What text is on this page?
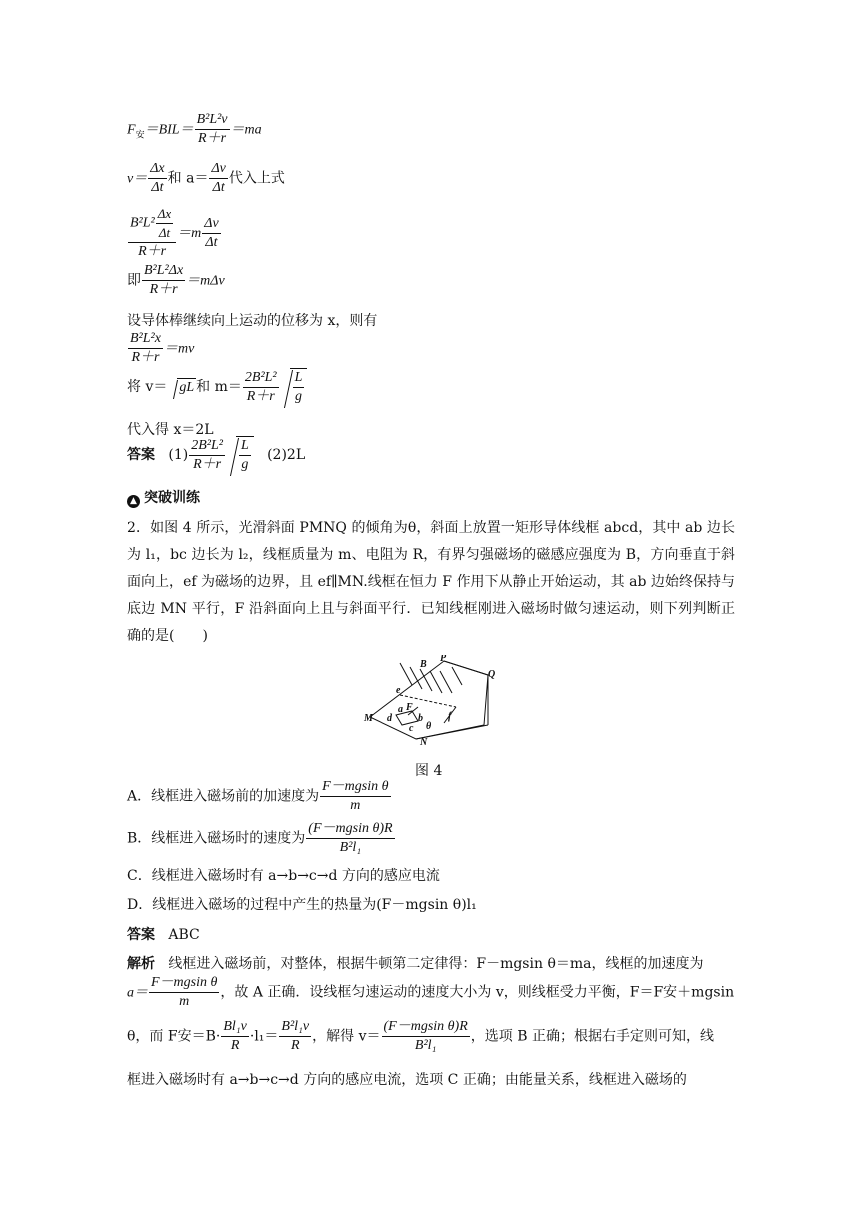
$F_安=BIL= \frac{\text{B²L²v}}{R+r} =ma$
$v= \frac{\Delta x}{\Delta t}$ 和 $a= \frac{\Delta v}{\Delta t}$ 代入上式
$\frac{B^2L^2 \frac{\Delta x}{\Delta t}}{R+r} =m \frac{\Delta v}{\Delta t}$
即 $\frac{\text{B²L²Δx}}{R+r} =m\Delta v$
设导体棒继续向上运动的位移为 x，则有
$\frac{\text{B²L²x}}{R+r} =mv$
将 v＝ gL 和 $m= \frac{\text{2B²L²}}{R+r} \frac{L}{g}$
代入得 x＝2L
答案 $(1) \frac{\text{2B²L²}}{R+r} \frac{L}{g} (2)2L$
▲ 突破训练
2．如图 4 所示，光滑斜面 PMNQ 的倾角为θ，斜面上放置一矩形导体线框 abcd，其中 ab 边长为 l₁，bc 边长为 l₂，线框质量为 m、电阻为 R，有界匀强磁场的磁感应强度为 B，方向垂直于斜面向上，ef 为磁场的边界，且 ef∥MN.线框在恒力 F 作用下从静止开始运动，其 ab 边始终保持与底边 MN 平行，F 沿斜面向上且与斜面平行．已知线框刚进入磁场时做匀速运动，则下列判断正确的是(　　)
B
P
Q
e
M d
a F
b
c
f
θ
N
图 4
A．线框进入磁场前的加速度为 $\frac{\text{F－mgsin θ}}{m}$
B．线框进入磁场时的速度为 $\frac{\text{(F－mgsin θ)R}}{\text{B²l₁}}$
C．线框进入磁场时有 a→b→c→d 方向的感应电流
D．线框进入磁场的过程中产生的热量为(F－mgsin θ)l₁
答案 ABC
解析 线框进入磁场前，对整体，根据牛顿第二定律得：F－mgsin θ＝ma，线框的加速度为
$a= \frac{\text{F－mgsin θ}}{m}$ ，故 A 正确．设线框匀速运动的速度大小为 v，则线框受力平衡，F＝F安＋mgsin
θ，而 F安$=B\cdot \frac{\text{Bl₁v}}{R} \cdot l_1= \frac{\text{B²l₁v}}{R}$ ，解得 $v= \frac{\text{(F－mgsin θ)R}}{\text{B²l₁}}$ ，选项 B 正确；根据右手定则可知，线
框进入磁场时有 a→b→c→d 方向的感应电流，选项 C 正确；由能量关系，线框进入磁场的
